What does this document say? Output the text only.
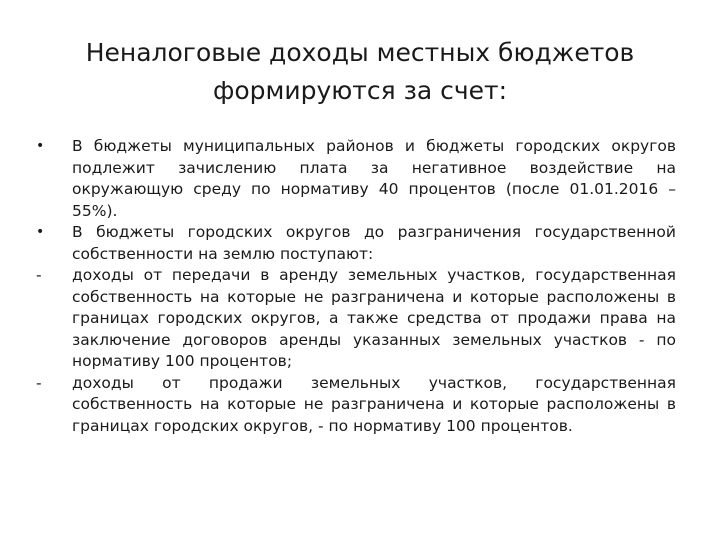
Неналоговые доходы местных бюджетов
формируются за счет:
•	В бюджеты муниципальных районов и бюджеты городских округов подлежит зачислению плата за негативное воздействие на окружающую среду по нормативу 40 процентов (после 01.01.2016 – 55%).
•	В бюджеты городских округов до разграничения государственной собственности на землю поступают:
-	доходы от передачи в аренду земельных участков, государственная собственность на которые не разграничена и которые расположены в границах городских округов, а также средства от продажи права на заключение договоров аренды указанных земельных участков - по нормативу 100 процентов;
-	доходы от продажи земельных участков, государственная собственность на которые не разграничена и которые расположены в границах городских округов, - по нормативу 100 процентов.
